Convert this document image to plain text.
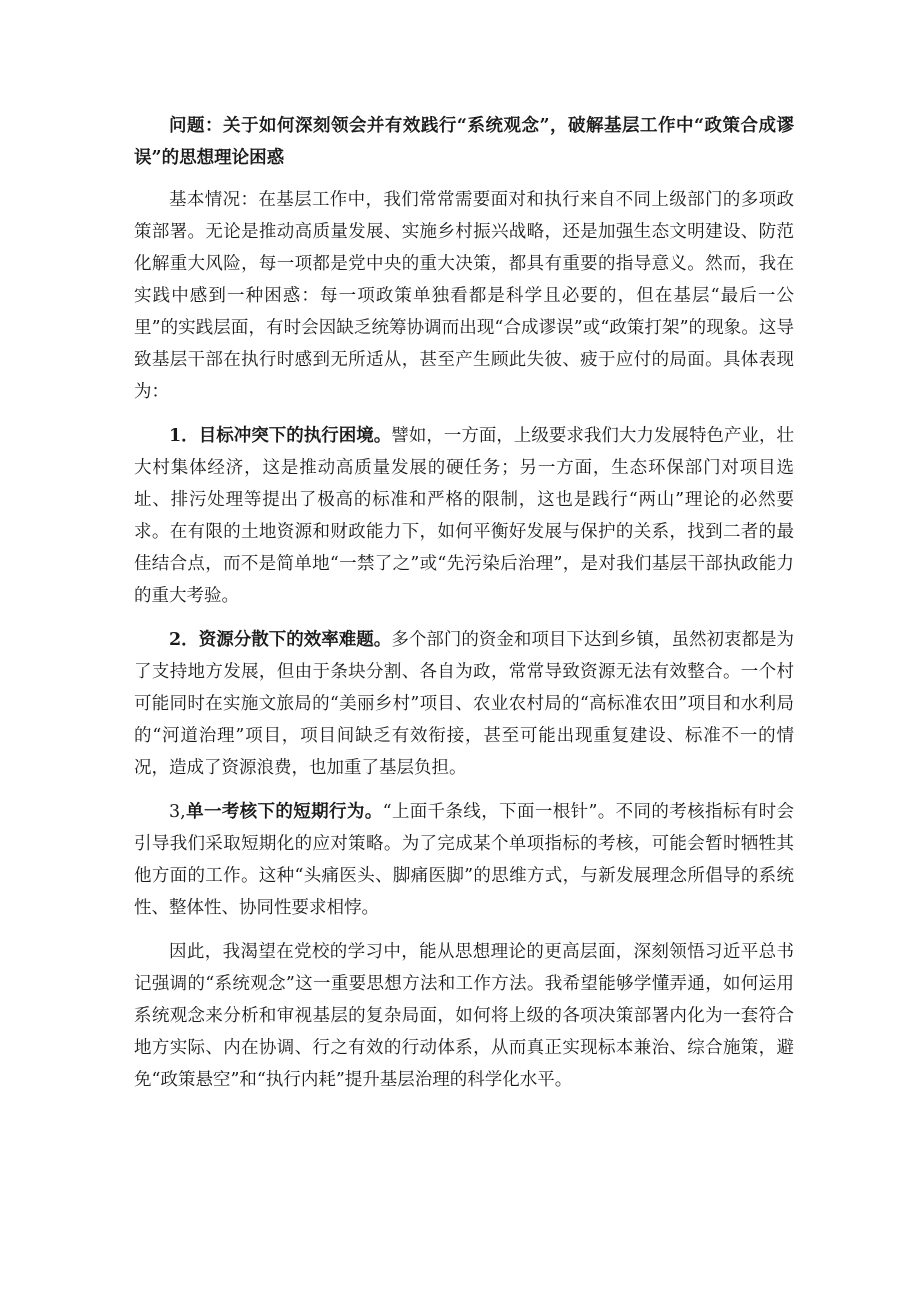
问题：关于如何深刻领会并有效践行“系统观念”，破解基层工作中“政策合成谬误”的思想理论困惑

基本情况：在基层工作中，我们常常需要面对和执行来自不同上级部门的多项政策部署。无论是推动高质量发展、实施乡村振兴战略，还是加强生态文明建设、防范化解重大风险，每一项都是党中央的重大决策，都具有重要的指导意义。然而，我在实践中感到一种困惑：每一项政策单独看都是科学且必要的，但在基层“最后一公里”的实践层面，有时会因缺乏统筹协调而出现“合成谬误”或“政策打架”的现象。这导致基层干部在执行时感到无所适从，甚至产生顾此失彼、疲于应付的局面。具体表现为：

1．目标冲突下的执行困境。譬如，一方面，上级要求我们大力发展特色产业，壮大村集体经济，这是推动高质量发展的硬任务；另一方面，生态环保部门对项目选址、排污处理等提出了极高的标准和严格的限制，这也是践行“两山”理论的必然要求。在有限的土地资源和财政能力下，如何平衡好发展与保护的关系，找到二者的最佳结合点，而不是简单地“一禁了之”或“先污染后治理”，是对我们基层干部执政能力的重大考验。

2．资源分散下的效率难题。多个部门的资金和项目下达到乡镇，虽然初衷都是为了支持地方发展，但由于条块分割、各自为政，常常导致资源无法有效整合。一个村可能同时在实施文旅局的“美丽乡村”项目、农业农村局的“高标准农田”项目和水利局的“河道治理”项目，项目间缺乏有效衔接，甚至可能出现重复建设、标准不一的情况，造成了资源浪费，也加重了基层负担。

3,单一考核下的短期行为。“上面千条线，下面一根针”。不同的考核指标有时会引导我们采取短期化的应对策略。为了完成某个单项指标的考核，可能会暂时牺牲其他方面的工作。这种“头痛医头、脚痛医脚”的思维方式，与新发展理念所倡导的系统性、整体性、协同性要求相悖。

因此，我渴望在党校的学习中，能从思想理论的更高层面，深刻领悟习近平总书记强调的“系统观念”这一重要思想方法和工作方法。我希望能够学懂弄通，如何运用系统观念来分析和审视基层的复杂局面，如何将上级的各项决策部署内化为一套符合地方实际、内在协调、行之有效的行动体系，从而真正实现标本兼治、综合施策，避免“政策悬空”和“执行内耗”提升基层治理的科学化水平。
